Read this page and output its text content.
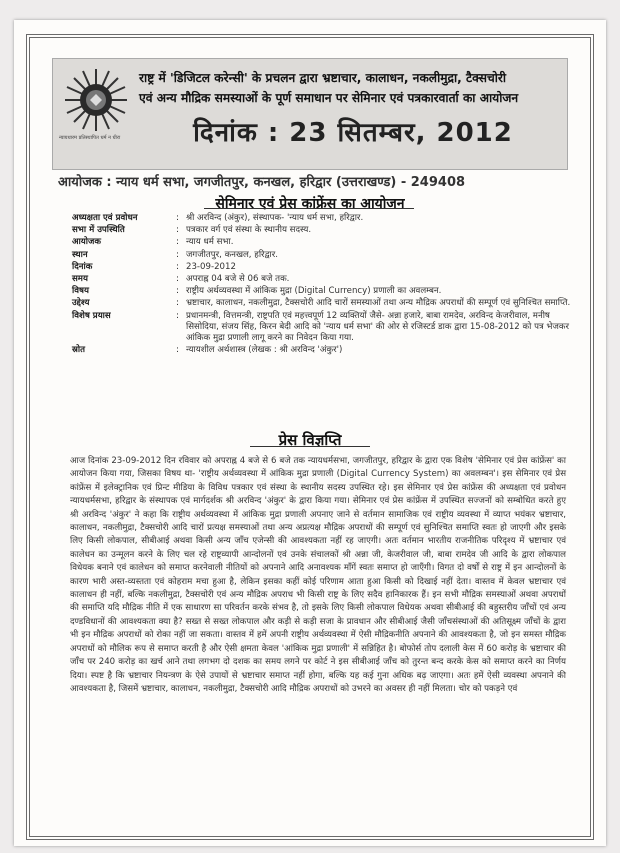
न्यायधारम प्रतिस्थापित धर्म न धीरा
राष्ट्र में 'डिजिटल करेन्सी' के प्रचलन द्वारा भ्रष्टाचार, कालाधन, नकलीमुद्रा, टैक्सचोरी
एवं अन्य मौद्रिक समस्याओं के पूर्ण समाधान पर सेमिनार एवं पत्रकारवार्ता का आयोजन
दिनांक : 23 सितम्बर, 2012
आयोजक : न्याय धर्म सभा, जगजीतपुर, कनखल, हरिद्वार (उत्तराखण्ड) - 249408
सेमिनार एवं प्रेस कांफ्रेंस का आयोजन
अध्यक्षता एवं प्रवोधन	:	श्री अरविन्द (अंकुर), संस्थापक- 'न्याय धर्म सभा, हरिद्वार.
सभा में उपस्थिति	:	पत्रकार वर्ग एवं संस्था के स्थानीय सदस्य.
आयोजक	:	न्याय धर्म सभा.
स्थान	:	जगजीतपुर, कनखल, हरिद्वार.
दिनांक	:	23-09-2012
समय	:	अपराह्न 04 बजे से 06 बजे तक.
विषय	:	राष्ट्रीय अर्थव्यवस्था में आंकिक मुद्रा (Digital Currency) प्रणाली का अवलम्बन.
उद्देश्य	:	भ्रष्टाचार, कालाधन, नकलीमुद्रा, टैक्सचोरी आदि चारों समस्याओं तथा अन्य मौद्रिक अपराधों की सम्पूर्ण एवं सुनिश्चित समाप्ति.
विशेष प्रयास	:	प्रधानमन्त्री, वित्तमन्त्री, राष्ट्रपति एवं महत्त्वपूर्ण 12 व्यक्तियों जैसे- अन्ना हजारे, बाबा रामदेव, अरविन्द केजरीवाल, मनीष सिसोदिया, संजय सिंह, किरन बेदी आदि को 'न्याय धर्म सभा' की ओर से रजिस्टर्ड डाक द्वारा 15-08-2012 को पत्र भेजकर आंकिक मुद्रा प्रणाली लागू करने का निवेदन किया गया.
स्रोत	:	न्यायशील अर्थशास्त्र (लेखक : श्री अरविन्द 'अंकुर')
प्रेस विज्ञप्ति
आज दिनांक 23-09-2012 दिन रविवार को अपराह्न 4 बजे से 6 बजे तक न्यायधर्मसभा, जगजीतपुर, हरिद्वार के द्वारा एक विशेष 'सेमिनार एवं प्रेस कांफ्रेंस' का आयोजन किया गया, जिसका विषय था- 'राष्ट्रीय अर्थव्यवस्था में आंकिक मुद्रा प्रणाली (Digital Currency System) का अवलम्बन'। इस सेमिनार एवं प्रेस कांफ्रेंस में इलेक्ट्रानिक एवं प्रिन्ट मीडिया के विविध पत्रकार एवं संस्था के स्थानीय सदस्य उपस्थित रहे। इस सेमिनार एवं प्रेस कांफ्रेंस की अध्यक्षता एवं प्रवोधन न्यायधर्मसभा, हरिद्वार के संस्थापक एवं मार्गदर्शक श्री अरविन्द 'अंकुर' के द्वारा किया गया। सेमिनार एवं प्रेस कांफ्रेंस में उपस्थित सज्जनों को सम्बोधित करते हुए श्री अरविन्द 'अंकुर' ने कहा कि राष्ट्रीय अर्थव्यवस्था में आंकिक मुद्रा प्रणाली अपनाए जाने से वर्तमान सामाजिक एवं राष्ट्रीय व्यवस्था में व्याप्त भयंकर भ्रष्टाचार, कालाधन, नकलीमुद्रा, टैक्सचोरी आदि चारों प्रत्यक्ष समस्याओं तथा अन्य अप्रत्यक्ष मौद्रिक अपराधों की सम्पूर्ण एवं सुनिश्चित समाप्ति स्वतः हो जाएगी और इसके लिए किसी लोकपाल, सीबीआई अथवा किसी अन्य जाँच एजेन्सी की आवश्यकता नहीं रह जाएगी। अतः वर्तमान भारतीय राजनीतिक परिदृश्य में भ्रष्टाचार एवं कालेधन का उन्मूलन करने के लिए चल रहे राष्ट्रव्यापी आन्दोलनों एवं उनके संचालकों श्री अन्ना जी, केजरीवाल जी, बाबा रामदेव जी आदि के द्वारा लोकपाल विधेयक बनाने एवं कालेधन को समाप्त करनेवाली नीतियों को अपनाने आदि अनावश्यक माँगें स्वतः समाप्त हो जाएँगी। विगत दो वर्षों से राष्ट्र में इन आन्दोलनों के कारण भारी अस्त-व्यस्तता एवं कोहराम मचा हुआ है, लेकिन इसका कहीं कोई परिणाम आता हुआ किसी को दिखाई नहीं देता। वास्तव में केवल भ्रष्टाचार एवं कालाधन ही नहीं, बल्कि नकलीमुद्रा, टैक्सचोरी एवं अन्य मौद्रिक अपराध भी किसी राष्ट्र के लिए सदैव हानिकारक हैं। इन सभी मौद्रिक समस्याओं अथवा अपराधों की समाप्ति यदि मौद्रिक नीति में एक साधारण सा परिवर्तन करके संभव है, तो इसके लिए किसी लोकपाल विधेयक अथवा सीबीआई की बहुस्तरीय जाँचों एवं अन्य दण्डविधानों की आवश्यकता क्या है? सख्त से सख्त लोकपाल और कड़ी से कड़ी सजा के प्रावधान और सीबीआई जैसी जाँचसंस्थाओं की अतिसूक्ष्म जाँचों के द्वारा भी इन मौद्रिक अपराधों को रोका नहीं जा सकता। वास्तव में हमें अपनी राष्ट्रीय अर्थव्यवस्था में ऐसी मौद्रिकनीति अपनाने की आवश्यकता है, जो इन समस्त मौद्रिक अपराधों को मौलिक रूप से समाप्त करती है और ऐसी क्षमता केवल 'आंकिक मुद्रा प्रणाली' में सन्निहित है। बोफोर्स तोप दलाली केस में 60 करोड़ के भ्रष्टाचार की जाँच पर 240 करोड़ का खर्च आने तथा लगभग दो दशक का समय लगने पर कोर्ट ने इस सीबीआई जाँच को तुरन्त बन्द करके केस को समाप्त करने का निर्णय दिया। स्पष्ट है कि भ्रष्टाचार नियन्त्रण के ऐसे उपायों से भ्रष्टाचार समाप्त नहीं होगा, बल्कि यह कई गुना अधिक बढ़ जाएगा। अतः हमें ऐसी व्यवस्था अपनाने की आवश्यकता है, जिसमें भ्रष्टाचार, कालाधन, नकलीमुद्रा, टैक्सचोरी आदि मौद्रिक अपराधों को उभरने का अवसर ही नहीं मिलता। चोर को पकड़ने एवं
